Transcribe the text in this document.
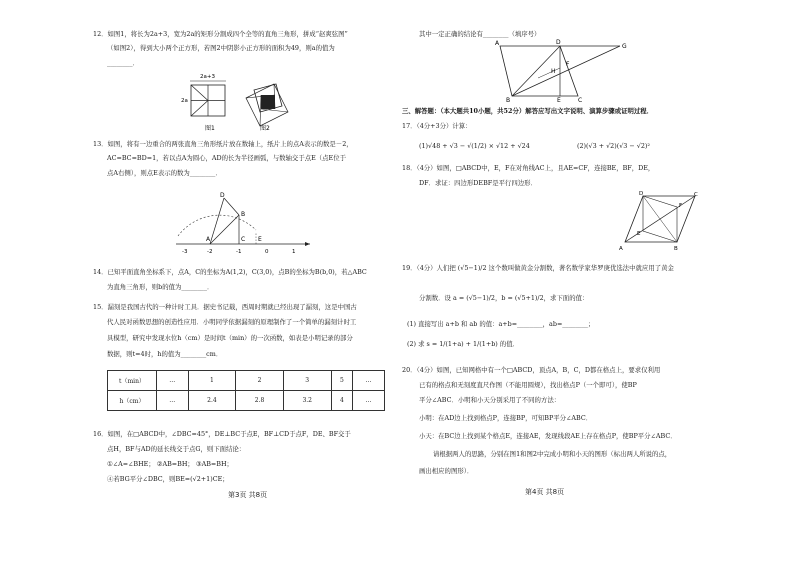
12．如图1，将长为2a+3，宽为2a的矩形分割成四个全等的直角三角形，拼成“赵爽弦图”
（如图2），得到大小两个正方形，若图2中阴影小正方形的面积为49，则a的值为
________．
2a+3
2a
图1	图2
13．如图，将有一边重合的两张直角三角形纸片放在数轴上，纸片上的点A表示的数是－2，
AC=BC=BD=1，若以点A为圆心，AD的长为半径画弧，与数轴交于点E（点E位于
点A右侧），则点E表示的数为________．
D
B
A	C E
-3	-2	-1	0	1
14．已知平面直角坐标系下，点A，C的坐标为A(1,2)，C(3,0)，点B的坐标为B(b,0)，若△ABC
为直角三角形，则b的值为________．
15．漏刻是我国古代的一种计时工具．据史书记载，西周时期就已经出现了漏刻，这是中国古
代人民对函数思想的创造性应用．小明同学依据漏刻的原理制作了一个简单的漏刻计时工
具模型，研究中发现水位h（cm）是时间t（min）的一次函数，如表是小明记录的部分
数据，则t=4时，h的值为________cm．
t（min）	…	1	2	3	5	…
h（cm）	…	2.4	2.8	3.2	4	…
16．如图，在□ABCD中，∠DBC=45°，DE⊥BC于点E，BF⊥CD于点F，DE、BF交于
点H，BF与AD的延长线交于点G，则下面结论：
①∠A=∠BHE； ②AB=BH； ③AB=BH；
④若BG平分∠DBC，则BE=(√2+1)CE；
第3页 共8页
其中一定正确的结论有________（填序号）
A	D
G
H
F
B	E	C
三、解答题：（本大题共10小题，共52分）解答应写出文字说明、演算步骤或证明过程．
17．（4分+3分）计算：
(1)√48 + √3 − √(1/2) × √12 + √24	(2)(√3 + √2)(√3 − √2)²
18．（4分）如图，□ABCD中，E，F在对角线AC上，且AE=CF，连接BE，BF，DE，
DF．求证：四边形DEBF是平行四边形．
A	B
C
D
E
F
19．（4分）人们把 (√5−1)/2 这个数叫做黄金分割数，著名数学家华罗庚优选法中就应用了黄金
分割数．设 a = (√5−1)/2，b = (√5+1)/2，求下面的值：
(1) 直接写出 a+b 和 ab 的值：a+b=________，ab=________；
(2) 求 s = 1/(1+a) + 1/(1+b) 的值．
20．（4分）如图，已知网格中有一个□ABCD，顶点A，B，C，D都在格点上，要求仅利用
已有的格点和无刻度直尺作图（不能用圆规），找出格点P（一个即可），使BP
平分∠ABC．小明和小天分别采用了不同的方法：
小明：在AD边上找到格点P，连接BP，可知BP平分∠ABC．
小天：在BC边上找到某个格点E，连接AE，发现线段AE上存在格点P，使BP平分∠ABC．
请根据两人的思路，分别在图1和图2中完成小明和小天的图形（标出两人所说的点，
画出相应的图形）．
第4页 共8页
